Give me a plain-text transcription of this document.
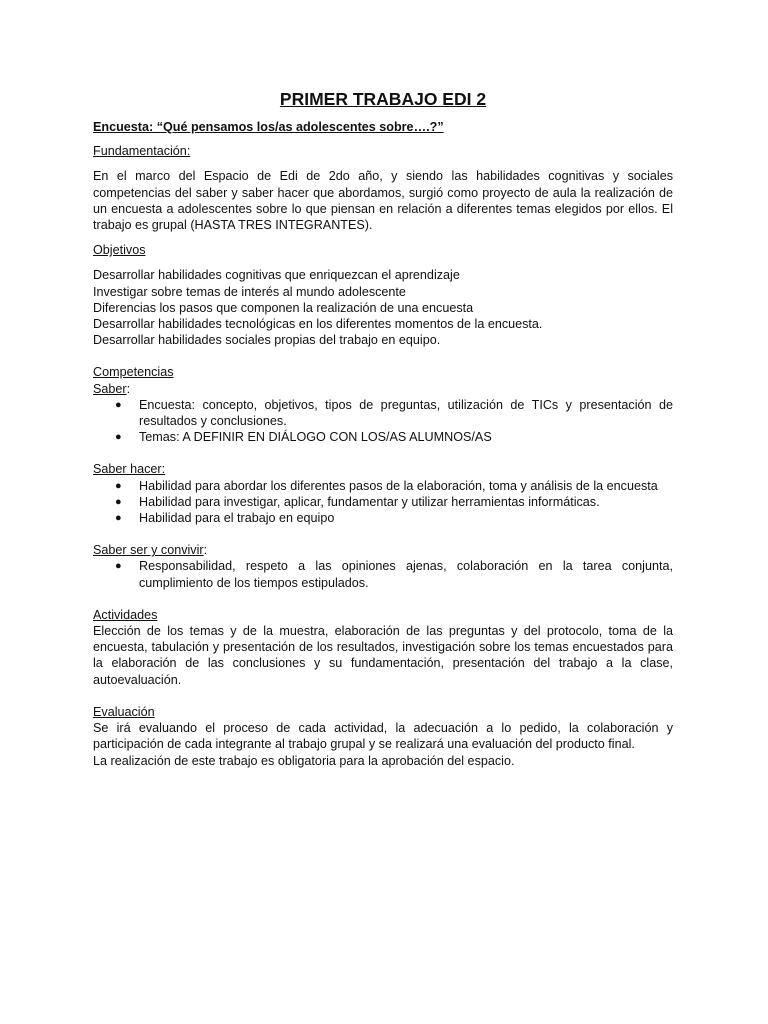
PRIMER TRABAJO EDI 2
Encuesta: “Qué pensamos los/as adolescentes sobre….?”
Fundamentación:
En el marco del Espacio de Edi de 2do año, y siendo las habilidades cognitivas y sociales competencias del saber y saber hacer que abordamos, surgió como proyecto de aula la realización de un encuesta a adolescentes sobre lo que piensan en relación a diferentes temas elegidos por ellos. El trabajo es grupal (HASTA TRES INTEGRANTES).
Objetivos
Desarrollar habilidades cognitivas que enriquezcan el aprendizaje
Investigar sobre temas de interés al mundo adolescente
Diferencias los pasos que componen la realización de una encuesta
Desarrollar habilidades tecnológicas en los diferentes momentos de la encuesta.
Desarrollar habilidades sociales propias del trabajo en equipo.
Competencias
Saber:
● Encuesta: concepto, objetivos, tipos de preguntas, utilización de TICs y presentación de resultados y conclusiones.
● Temas: A DEFINIR EN DIÁLOGO CON LOS/AS ALUMNOS/AS
Saber hacer:
● Habilidad para abordar los diferentes pasos de la elaboración, toma y análisis de la encuesta
● Habilidad para investigar, aplicar, fundamentar y utilizar herramientas informáticas.
● Habilidad para el trabajo en equipo
Saber ser y convivir:
● Responsabilidad, respeto a las opiniones ajenas, colaboración en la tarea conjunta, cumplimiento de los tiempos estipulados.
Actividades
Elección de los temas y de la muestra, elaboración de las preguntas y del protocolo, toma de la encuesta, tabulación y presentación de los resultados, investigación sobre los temas encuestados para la elaboración de las conclusiones y su fundamentación, presentación del trabajo a la clase, autoevaluación.
Evaluación
Se irá evaluando el proceso de cada actividad, la adecuación a lo pedido, la colaboración y participación de cada integrante al trabajo grupal y se realizará una evaluación del producto final.
La realización de este trabajo es obligatoria para la aprobación del espacio.
